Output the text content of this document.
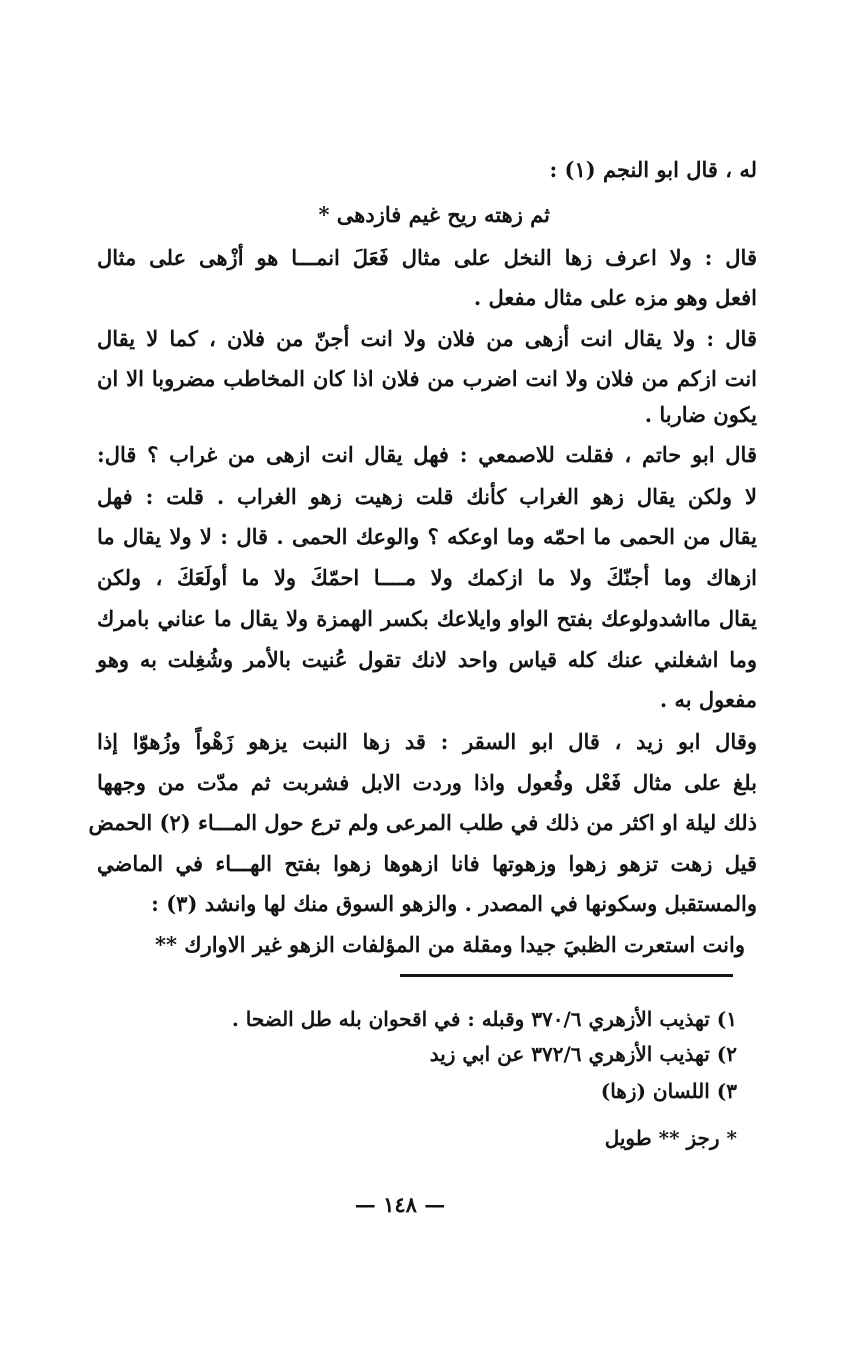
له ، قال ابو النجم (١) :
ثم زهته ريح غيم فازدهى *
قال : ولا اعرف زها النخل على مثال فَعَلَ انمـــا هو أزْهى على مثال
افعل وهو مزه على مثال مفعل .
قال : ولا يقال انت أزهى من فلان ولا انت أجنّ من فلان ، كما لا يقال
انت ازكم من فلان ولا انت اضرب من فلان اذا كان المخاطب مضروبا الا ان
يكون ضاربا .
قال ابو حاتم ، فقلت للاصمعي : فهل يقال انت ازهى من غراب ؟ قال:
لا ولكن يقال زهو الغراب كأنك قلت زهيت زهو الغراب . قلت : فهل
يقال من الحمى ما احمّه وما اوعكه ؟ والوعك الحمى . قال : لا ولا يقال ما
ازهاك وما أجنّكَ ولا ما ازكمك ولا مــــا احمّكَ ولا ما أولَعَكَ ، ولكن
يقال مااشدولوعك بفتح الواو وايلاعك بكسر الهمزة ولا يقال ما عناني بامرك
وما اشغلني عنك كله قياس واحد لانك تقول عُنيت بالأمر وشُغِلت به وهو
مفعول به .
وقال ابو زيد ، قال ابو السقر : قد زها النبت يزهو زَهْواً وزُهوّا إذا
بلغ على مثال فَعْل وفُعول واذا وردت الابل فشربت ثم مدّت من وجهها
ذلك ليلة او اكثر من ذلك في طلب المرعى ولم ترع حول المـــاء (٢) الحمض
قيل زهت تزهو زهوا وزهوتها فانا ازهوها زهوا بفتح الهـــاء في الماضي
والمستقبل وسكونها في المصدر . والزهو السوق منك لها وانشد (٣) :
وانت استعرت الظبيَ جيدا ومقلة من المؤلفات الزهو غير الاوارك **
١) تهذيب الأزهري ٣٧٠/٦ وقبله : في اقحوان بله طل الضحا .
٢) تهذيب الأزهري ٣٧٢/٦ عن ابي زيد
٣) اللسان (زها)
* رجز ** طويل
— ١٤٨ —
